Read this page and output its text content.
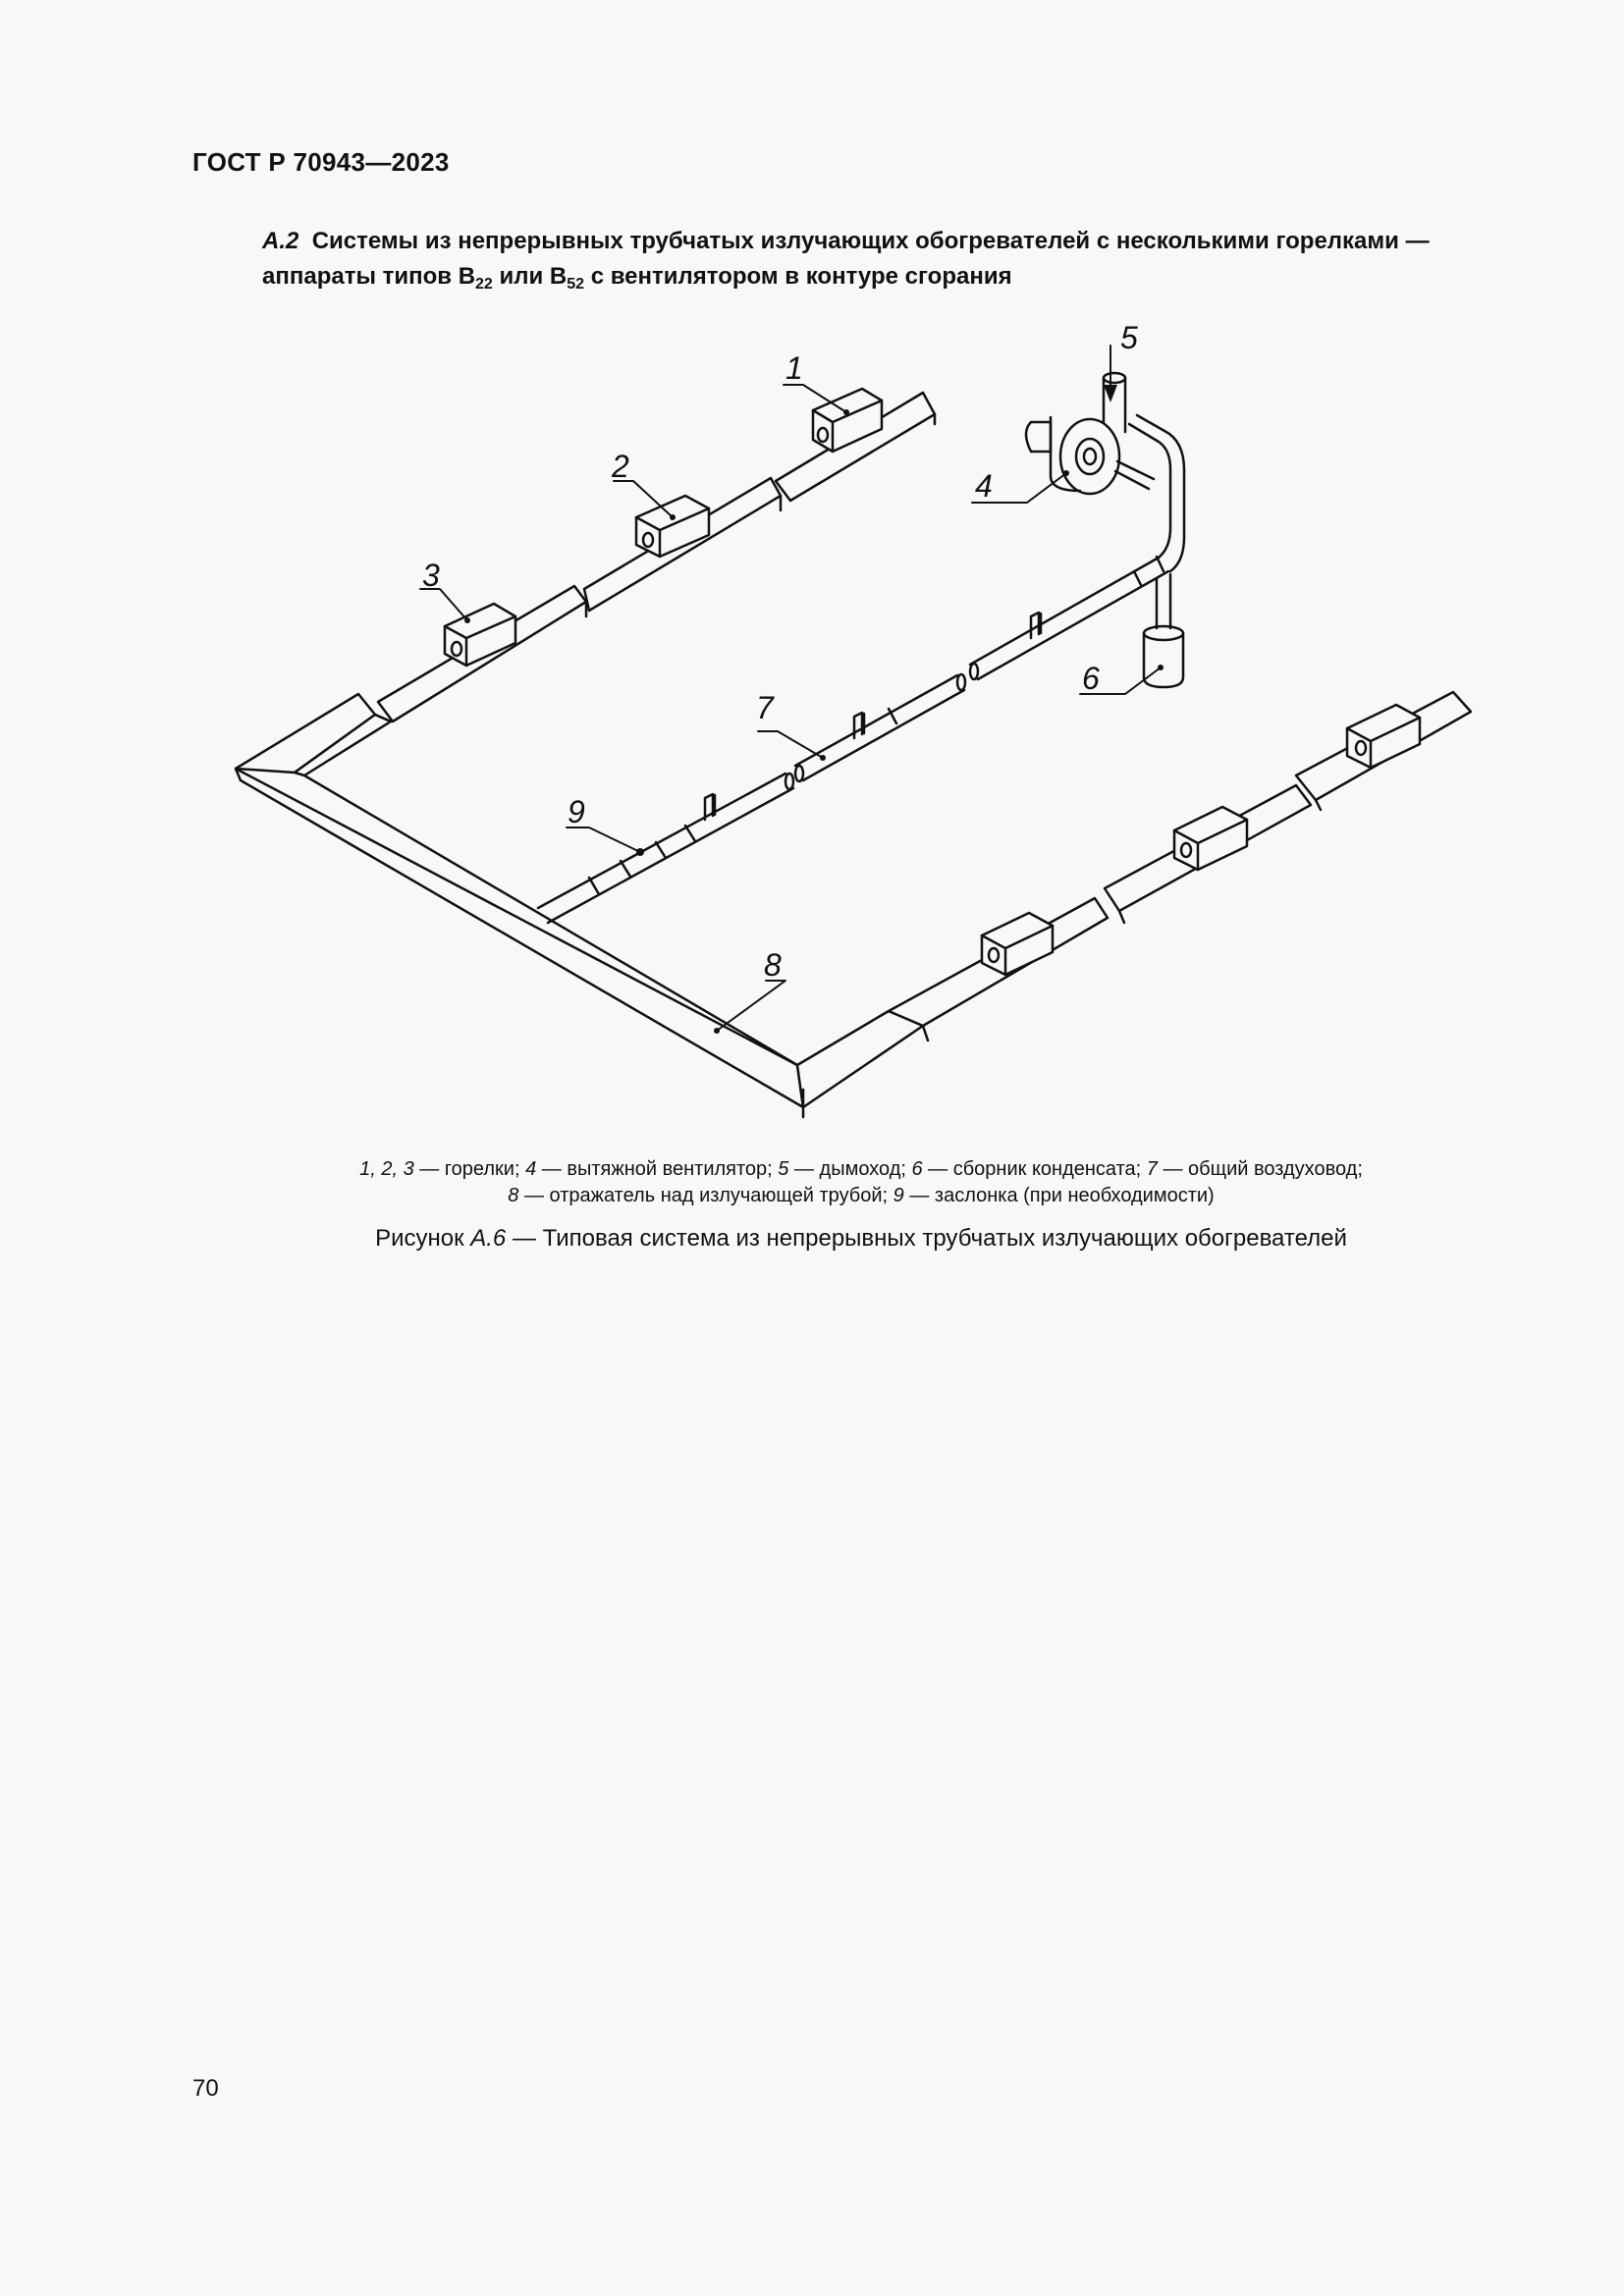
ГОСТ Р 70943—2023
А.2 Системы из непрерывных трубчатых излучающих обогревателей с несколькими горелками —
аппараты типов $В_{22}$ или $В_{52}$ с вентилятором в контуре сгорания
1
2
3
4
5
6
7
8
9
1, 2, 3 — горелки; 4 — вытяжной вентилятор; 5 — дымоход; 6 — сборник конденсата; 7 — общий воздуховод;
8 — отражатель над излучающей трубой; 9 — заслонка (при необходимости)
Рисунок А.6 — Типовая система из непрерывных трубчатых излучающих обогревателей
70
